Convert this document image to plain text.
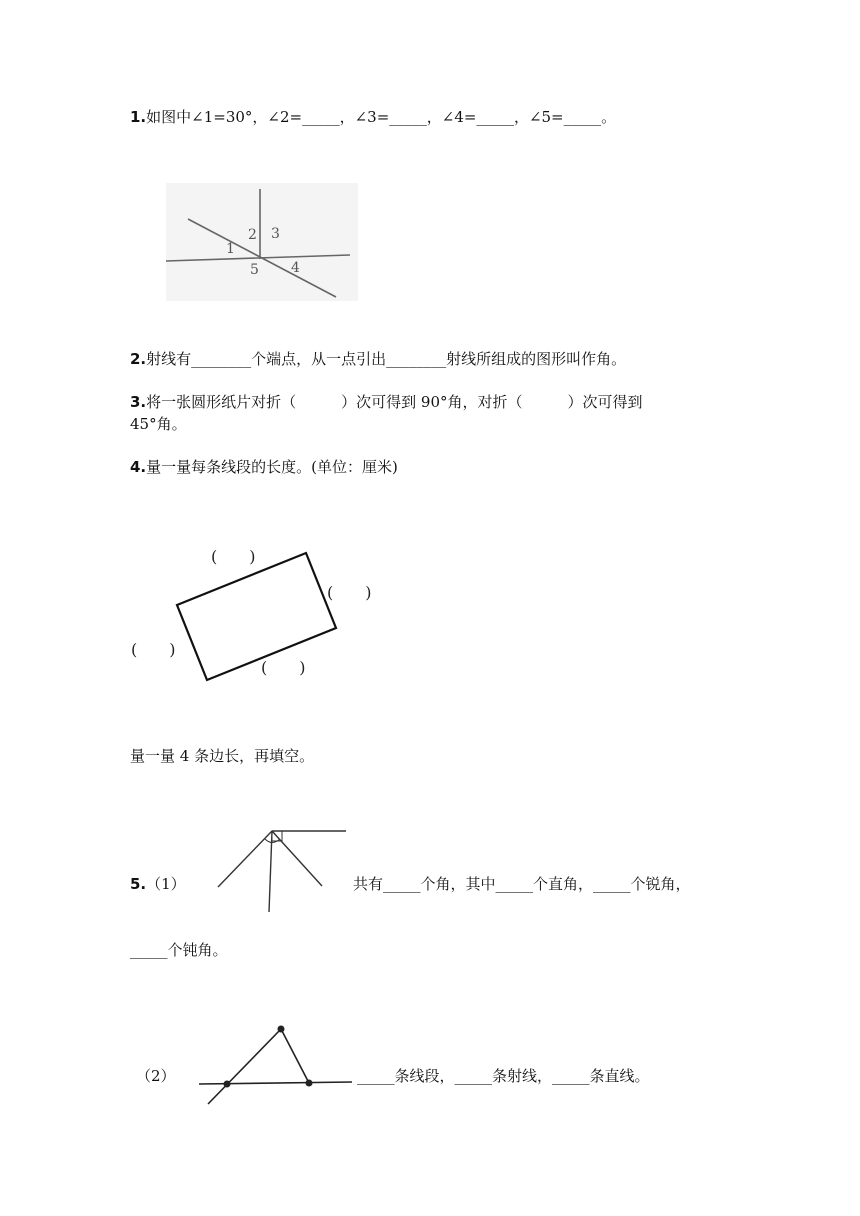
1.如图中∠1=30°，∠2=_____，∠3=_____，∠4=_____，∠5=_____。
1
2 3
4
5
2.射线有________个端点，从一点引出________射线所组成的图形叫作角。
3.将一张圆形纸片对折（　　　）次可得到 90°角，对折（　　　）次可得到
45°角。
4.量一量每条线段的长度。(单位：厘米)
(　　)
(　　)
(　　)
(　　)
量一量 4 条边长，再填空。
5.（1）	共有_____个角，其中_____个直角，_____个锐角，
_____个钝角。
（2）	_____条线段，_____条射线，_____条直线。
